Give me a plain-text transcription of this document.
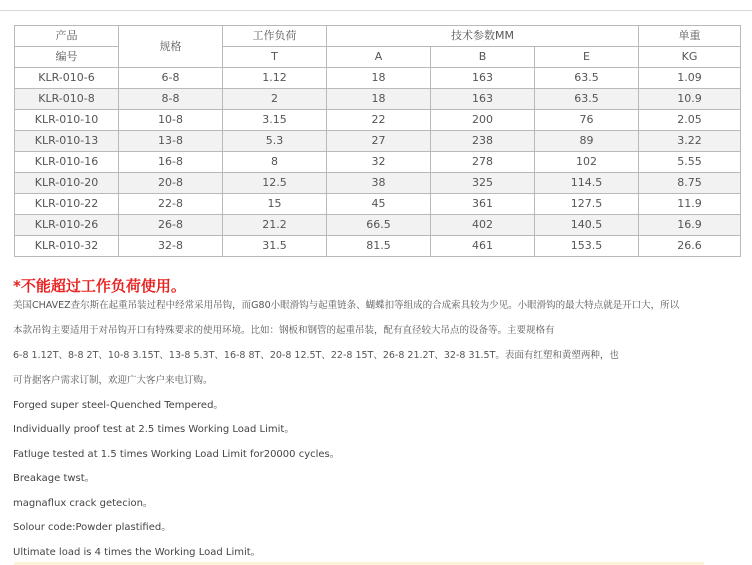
产品	规格	工作负荷	技术参数MM			单重
编号		T	A	B	E	KG
KLR-010-6	6-8	1.12	18	163	63.5	1.09
KLR-010-8	8-8	2	18	163	63.5	10.9
KLR-010-10	10-8	3.15	22	200	76	2.05
KLR-010-13	13-8	5.3	27	238	89	3.22
KLR-010-16	16-8	8	32	278	102	5.55
KLR-010-20	20-8	12.5	38	325	114.5	8.75
KLR-010-22	22-8	15	45	361	127.5	11.9
KLR-010-26	26-8	21.2	66.5	402	140.5	16.9
KLR-010-32	32-8	31.5	81.5	461	153.5	26.6
*不能超过工作负荷使用。
美国CHAVEZ查尔斯在起重吊装过程中经常采用吊钩，而G80小眼滑钩与起重链条、蝴蝶扣等组成的合成索具较为少见。小眼滑钩的最大特点就是开口大，所以
本款吊钩主要适用于对吊钩开口有特殊要求的使用环境。比如：钢板和钢管的起重吊装，配有直径较大吊点的设备等。主要规格有
6-8 1.12T、8-8 2T、10-8 3.15T、13-8 5.3T、16-8 8T、20-8 12.5T、22-8 15T、26-8 21.2T、32-8 31.5T。表面有红塑和黄塑两种，也
可肯据客户需求订制，欢迎广大客户来电订购。
Forged super steel-Quenched Tempered。
Individually proof test at 2.5 times Working Load Limit。
Fatluge tested at 1.5 times Working Load Limit for20000 cycles。
Breakage twst。
magnaflux crack getecion。
Solour code:Powder plastified。
Ultimate load is 4 times the Working Load Limit。
